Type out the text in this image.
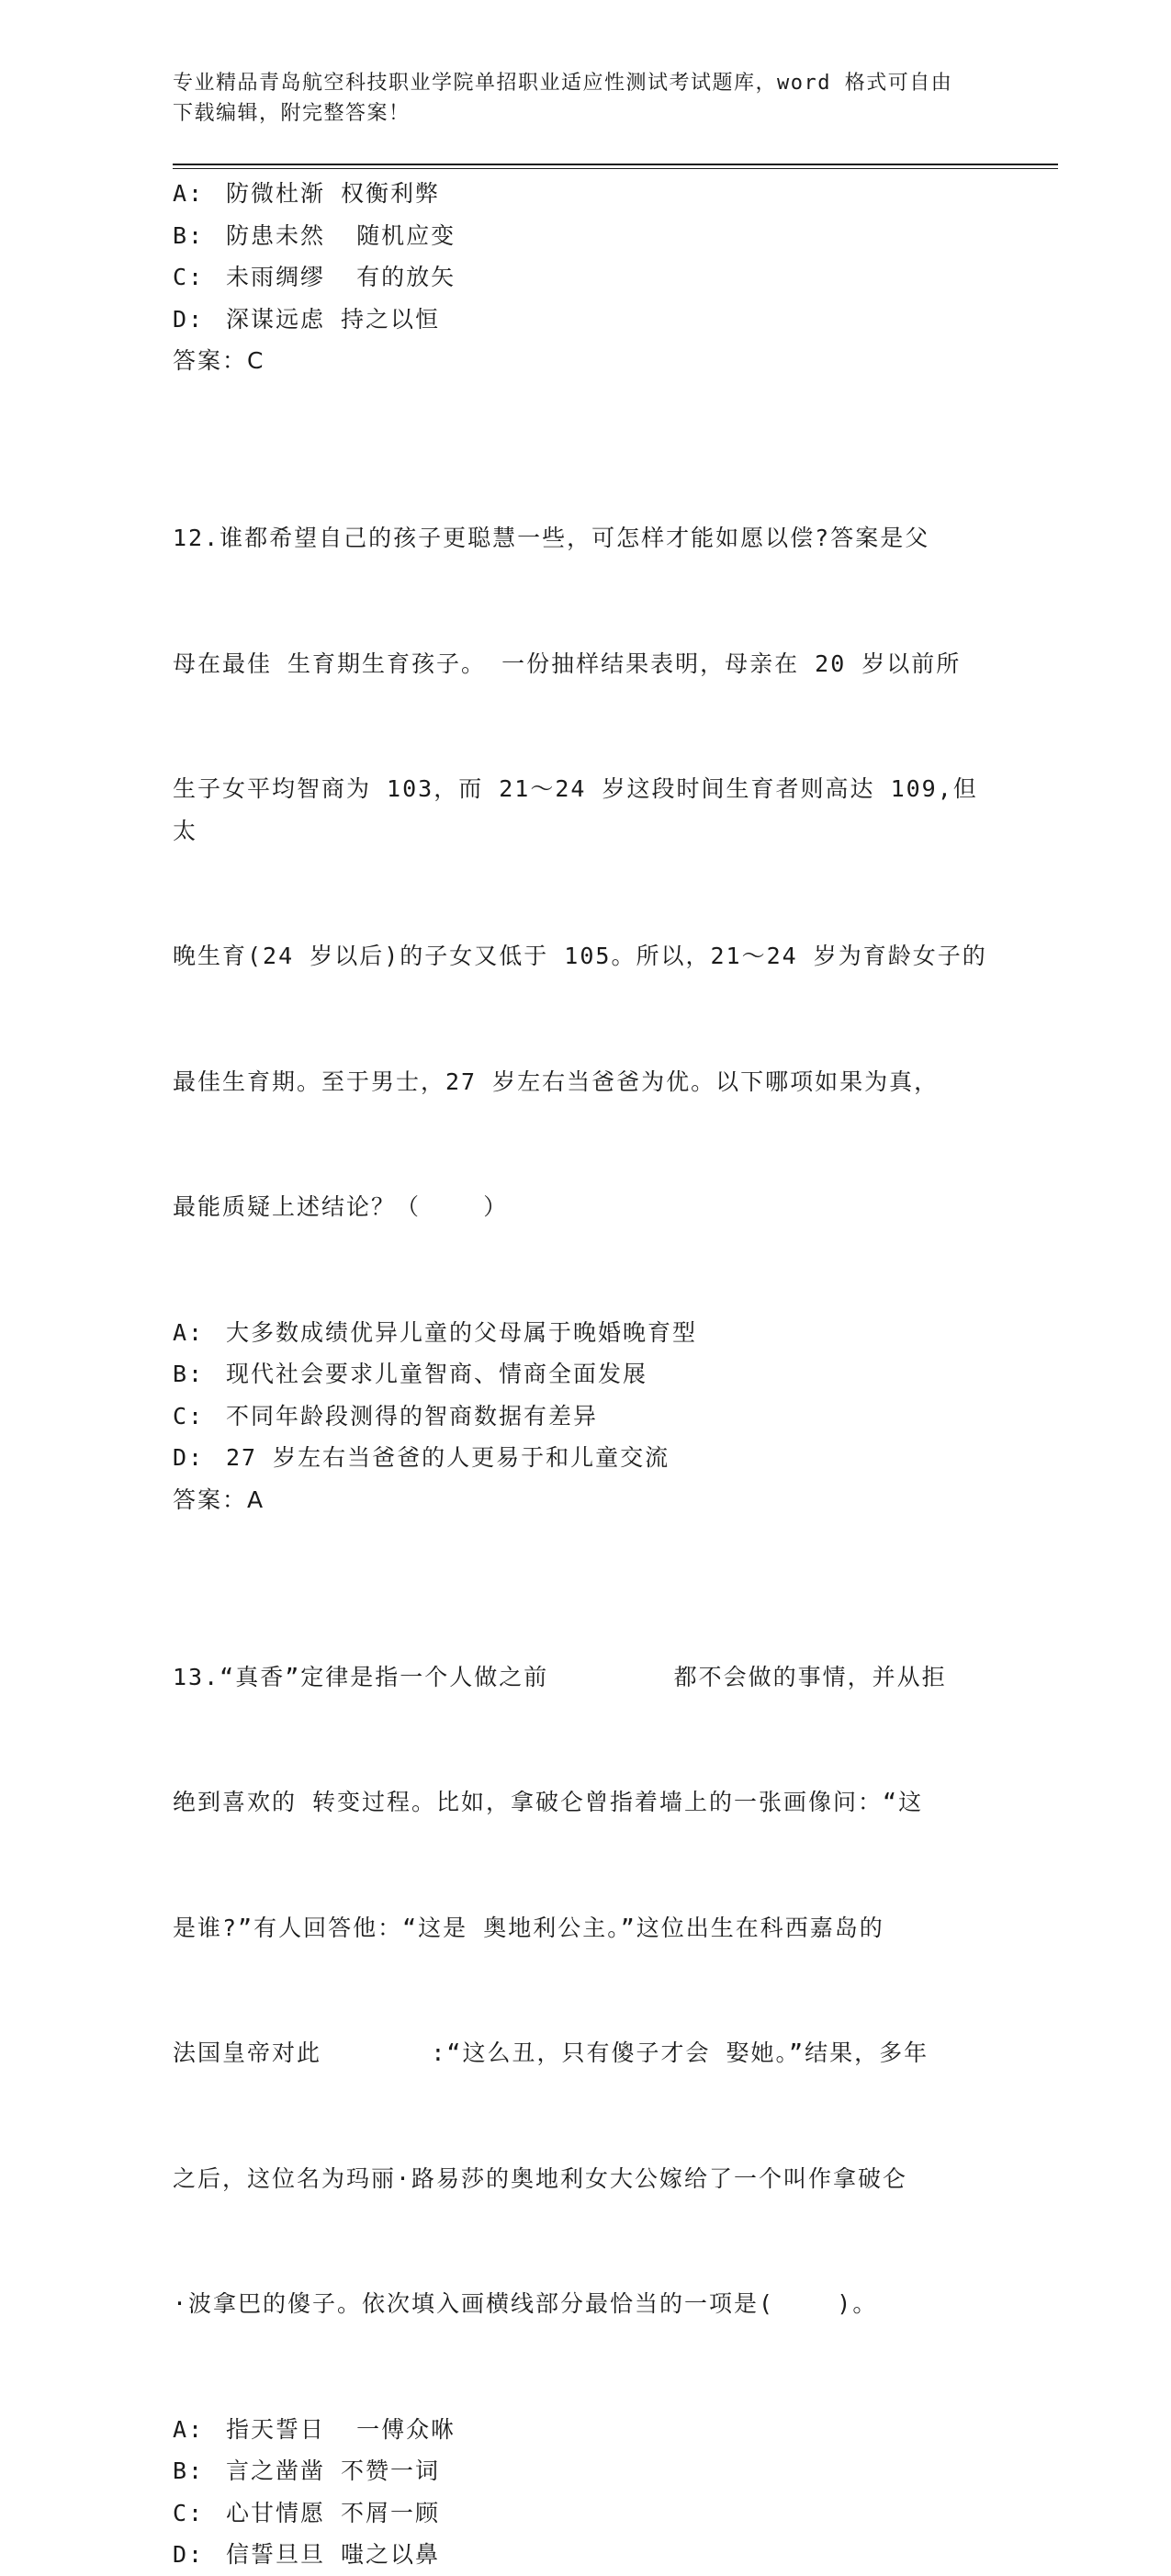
专业精品青岛航空科技职业学院单招职业适应性测试考试题库，word 格式可自由
下载编辑，附完整答案！
A: 防微杜渐 权衡利弊
B: 防患未然  随机应变
C: 未雨绸缪  有的放矢
D: 深谋远虑 持之以恒
答案：C

12.谁都希望自己的孩子更聪慧一些，可怎样才能如愿以偿?答案是父

母在最佳 生育期生育孩子。 一份抽样结果表明，母亲在 20 岁以前所

生子女平均智商为 103，而 21～24 岁这段时间生育者则高达 109,但太

晚生育(24 岁以后)的子女又低于 105。所以，21～24 岁为育龄女子的

最佳生育期。至于男士，27 岁左右当爸爸为优。以下哪项如果为真，

最能质疑上述结论？（    ）

A: 大多数成绩优异儿童的父母属于晚婚晚育型
B: 现代社会要求儿童智商、情商全面发展
C: 不同年龄段测得的智商数据有差异
D: 27 岁左右当爸爸的人更易于和儿童交流
答案：A

13.“真香”定律是指一个人做之前        都不会做的事情，并从拒

绝到喜欢的 转变过程。比如，拿破仑曾指着墙上的一张画像问：“这

是谁?”有人回答他：“这是 奥地利公主。”这位出生在科西嘉岛的

法国皇帝对此       :“这么丑，只有傻子才会 娶她。”结果，多年

之后，这位名为玛丽·路易莎的奥地利女大公嫁给了一个叫作拿破仑

·波拿巴的傻子。依次填入画横线部分最恰当的一项是(    )。

A: 指天誓日  一傅众咻
B: 言之凿凿 不赞一词
C: 心甘情愿 不屑一顾
D: 信誓旦旦 嗤之以鼻
